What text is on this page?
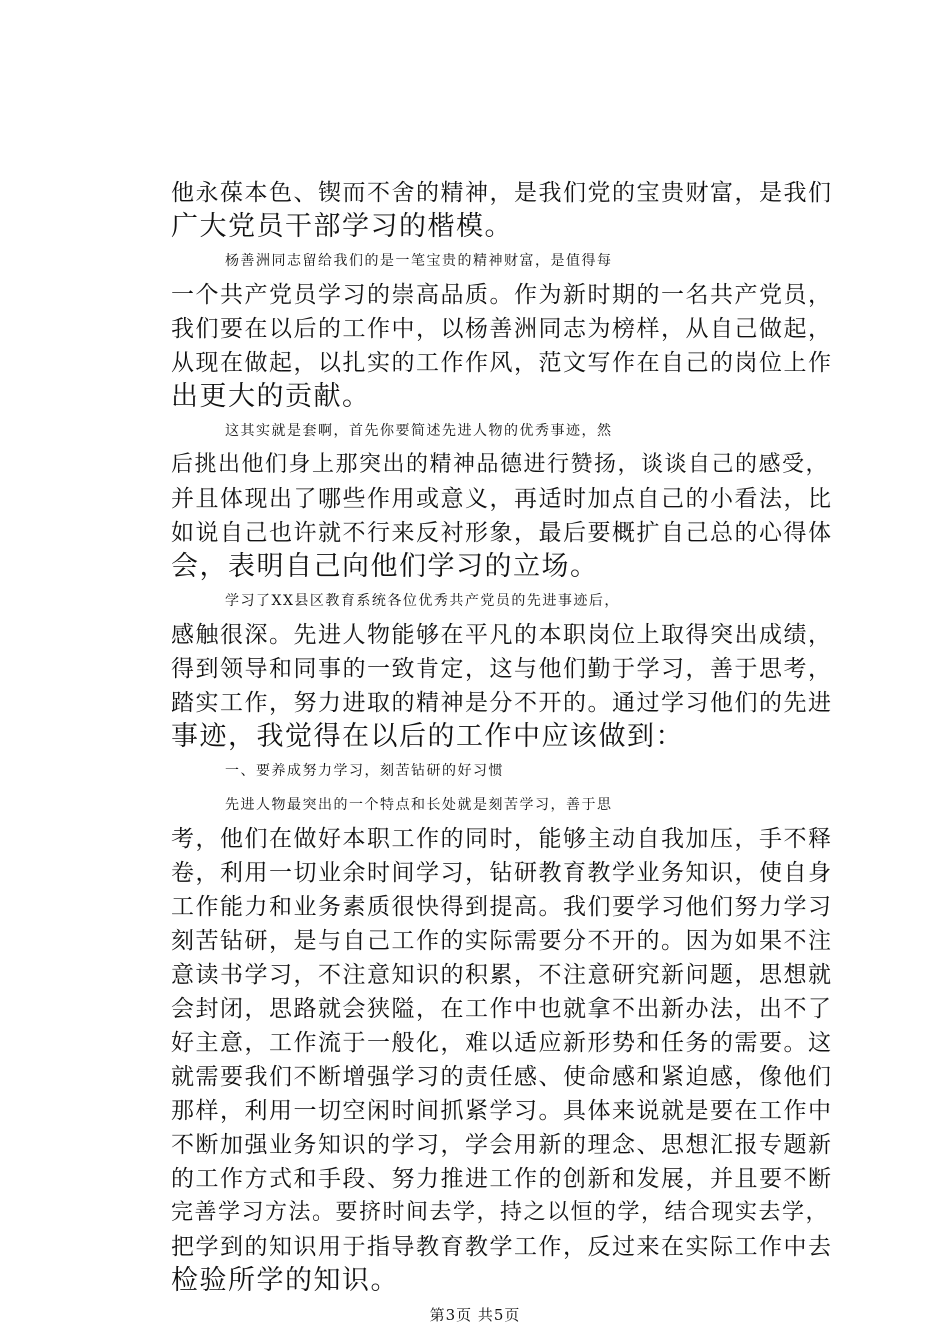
他永葆本色、锲而不舍的精神，是我们党的宝贵财富，是我们
广大党员干部学习的楷模。
杨善洲同志留给我们的是一笔宝贵的精神财富，是值得每
一个共产党员学习的崇高品质。作为新时期的一名共产党员，
我们要在以后的工作中，以杨善洲同志为榜样，从自己做起，
从现在做起，以扎实的工作作风，范文写作在自己的岗位上作
出更大的贡献。
这其实就是套啊，首先你要简述先进人物的优秀事迹，然
后挑出他们身上那突出的精神品德进行赞扬，谈谈自己的感受，
并且体现出了哪些作用或意义，再适时加点自己的小看法，比
如说自己也许就不行来反衬形象，最后要概扩自己总的心得体
会，表明自己向他们学习的立场。
学习了XX县区教育系统各位优秀共产党员的先进事迹后，
感触很深。先进人物能够在平凡的本职岗位上取得突出成绩，
得到领导和同事的一致肯定，这与他们勤于学习，善于思考，
踏实工作，努力进取的精神是分不开的。通过学习他们的先进
事迹，我觉得在以后的工作中应该做到：
一、要养成努力学习，刻苦钻研的好习惯
先进人物最突出的一个特点和长处就是刻苦学习，善于思
考，他们在做好本职工作的同时，能够主动自我加压，手不释
卷，利用一切业余时间学习，钻研教育教学业务知识，使自身
工作能力和业务素质很快得到提高。我们要学习他们努力学习
刻苦钻研，是与自己工作的实际需要分不开的。因为如果不注
意读书学习，不注意知识的积累，不注意研究新问题，思想就
会封闭，思路就会狭隘，在工作中也就拿不出新办法，出不了
好主意，工作流于一般化，难以适应新形势和任务的需要。这
就需要我们不断增强学习的责任感、使命感和紧迫感，像他们
那样，利用一切空闲时间抓紧学习。具体来说就是要在工作中
不断加强业务知识的学习，学会用新的理念、思想汇报专题新
的工作方式和手段、努力推进工作的创新和发展，并且要不断
完善学习方法。要挤时间去学，持之以恒的学，结合现实去学，
把学到的知识用于指导教育教学工作，反过来在实际工作中去
检验所学的知识。
第3页 共5页
